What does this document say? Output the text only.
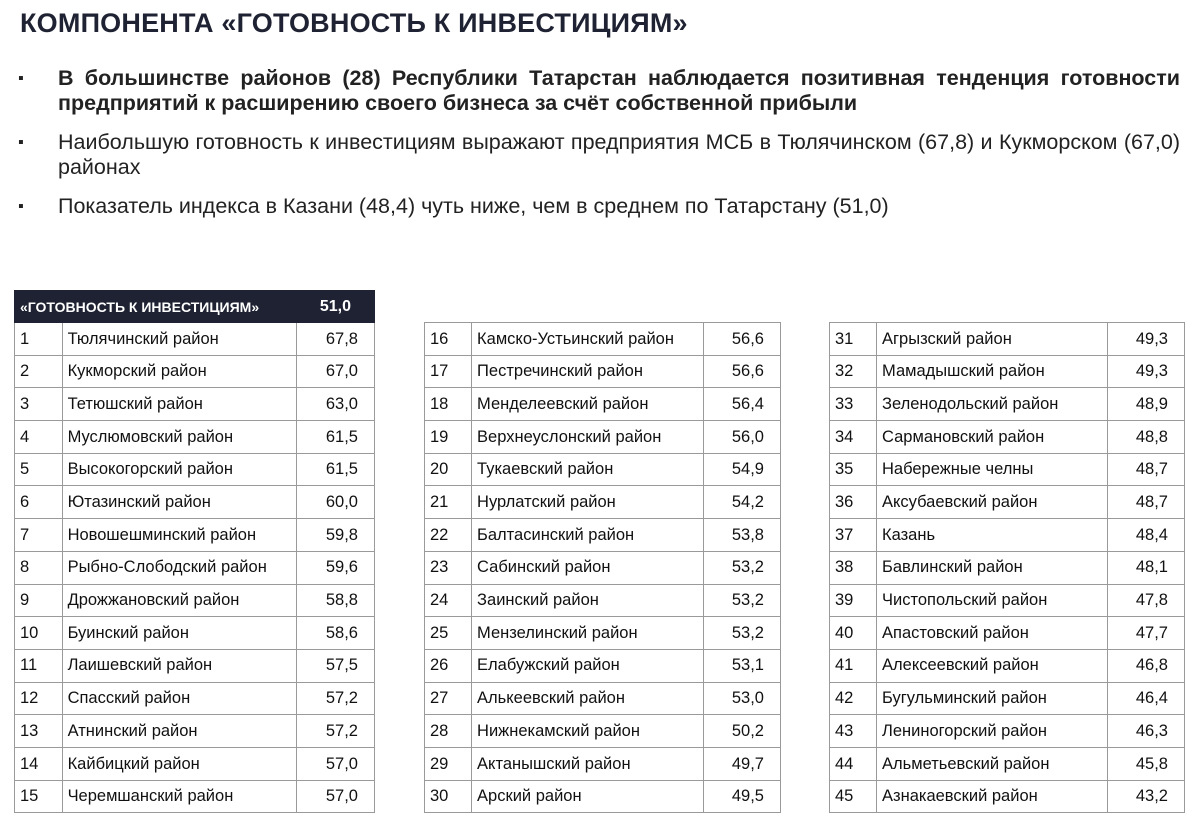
КОМПОНЕНТА «ГОТОВНОСТЬ К ИНВЕСТИЦИЯМ»
▪	В большинстве районов (28) Республики Татарстан наблюдается позитивная тенденция готовности предприятий к расширению своего бизнеса за счёт собственной прибыли
▪	Наибольшую готовность к инвестициям выражают предприятия МСБ в Тюлячинском (67,8) и Кукморском (67,0) районах
▪	Показатель индекса в Казани (48,4) чуть ниже, чем в среднем по Татарстану (51,0)
«ГОТОВНОСТЬ К ИНВЕСТИЦИЯМ»		51,0
1	Тюлячинский район	67,8
2	Кукморский район	67,0
3	Тетюшский район	63,0
4	Муслюмовский район	61,5
5	Высокогорский район	61,5
6	Ютазинский район	60,0
7	Новошешминский район	59,8
8	Рыбно-Слободский район	59,6
9	Дрожжановский район	58,8
10	Буинский район	58,6
11	Лаишевский район	57,5
12	Спасский район	57,2
13	Атнинский район	57,2
14	Кайбицкий район	57,0
15	Черемшанский район	57,0
16	Камско-Устьинский район	56,6
17	Пестречинский район	56,6
18	Менделеевский район	56,4
19	Верхнеуслонский район	56,0
20	Тукаевский район	54,9
21	Нурлатский район	54,2
22	Балтасинский район	53,8
23	Сабинский район	53,2
24	Заинский район	53,2
25	Мензелинский район	53,2
26	Елабужский район	53,1
27	Алькеевский район	53,0
28	Нижнекамский район	50,2
29	Актанышский район	49,7
30	Арский район	49,5
31	Агрызский район	49,3
32	Мамадышский район	49,3
33	Зеленодольский район	48,9
34	Сармановский район	48,8
35	Набережные челны	48,7
36	Аксубаевский район	48,7
37	Казань	48,4
38	Бавлинский район	48,1
39	Чистопольский район	47,8
40	Апастовский район	47,7
41	Алексеевский район	46,8
42	Бугульминский район	46,4
43	Лениногорский район	46,3
44	Альметьевский район	45,8
45	Азнакаевский район	43,2
